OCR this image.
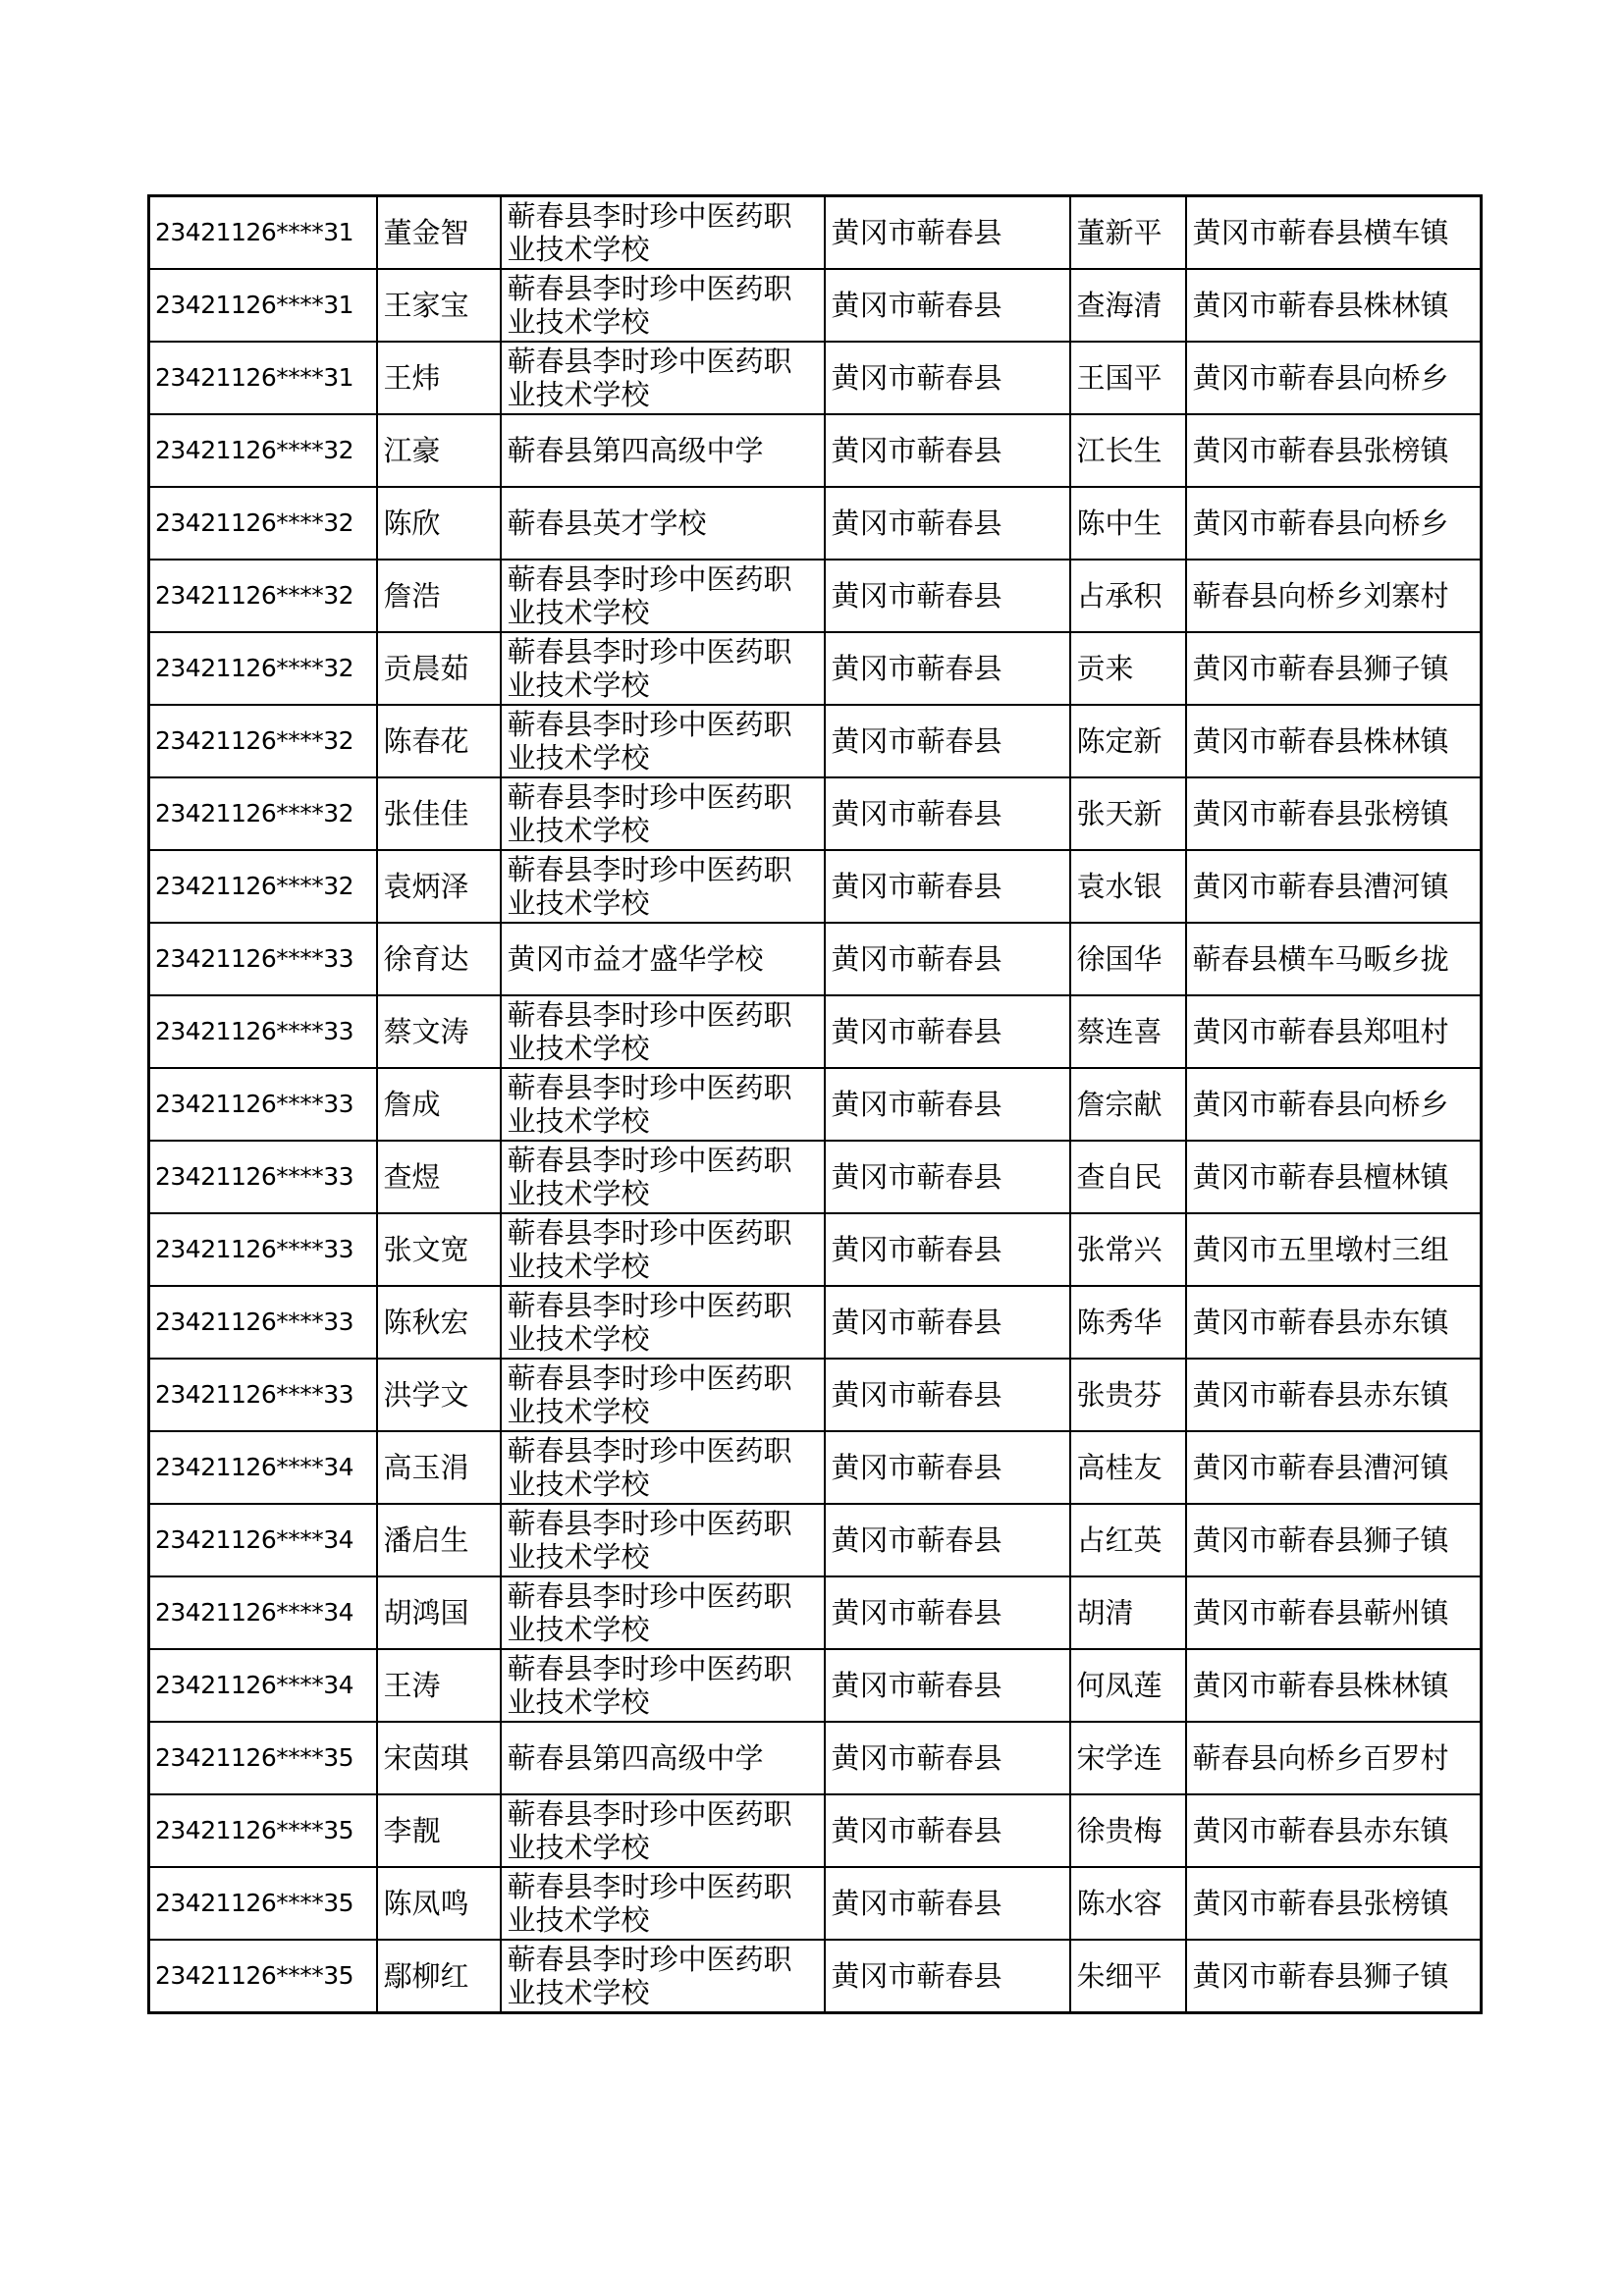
23421126****31	董金智	蕲春县李时珍中医药职业技术学校	黄冈市蕲春县	董新平	黄冈市蕲春县横车镇
23421126****31	王家宝	蕲春县李时珍中医药职业技术学校	黄冈市蕲春县	查海清	黄冈市蕲春县株林镇
23421126****31	王炜	蕲春县李时珍中医药职业技术学校	黄冈市蕲春县	王国平	黄冈市蕲春县向桥乡
23421126****32	江豪	蕲春县第四高级中学	黄冈市蕲春县	江长生	黄冈市蕲春县张榜镇
23421126****32	陈欣	蕲春县英才学校	黄冈市蕲春县	陈中生	黄冈市蕲春县向桥乡
23421126****32	詹浩	蕲春县李时珍中医药职业技术学校	黄冈市蕲春县	占承积	蕲春县向桥乡刘寨村
23421126****32	贡晨茹	蕲春县李时珍中医药职业技术学校	黄冈市蕲春县	贡来	黄冈市蕲春县狮子镇
23421126****32	陈春花	蕲春县李时珍中医药职业技术学校	黄冈市蕲春县	陈定新	黄冈市蕲春县株林镇
23421126****32	张佳佳	蕲春县李时珍中医药职业技术学校	黄冈市蕲春县	张天新	黄冈市蕲春县张榜镇
23421126****32	袁炳泽	蕲春县李时珍中医药职业技术学校	黄冈市蕲春县	袁水银	黄冈市蕲春县漕河镇
23421126****33	徐育达	黄冈市益才盛华学校	黄冈市蕲春县	徐国华	蕲春县横车马畈乡拢
23421126****33	蔡文涛	蕲春县李时珍中医药职业技术学校	黄冈市蕲春县	蔡连喜	黄冈市蕲春县郑咀村
23421126****33	詹成	蕲春县李时珍中医药职业技术学校	黄冈市蕲春县	詹宗献	黄冈市蕲春县向桥乡
23421126****33	查煜	蕲春县李时珍中医药职业技术学校	黄冈市蕲春县	查自民	黄冈市蕲春县檀林镇
23421126****33	张文宽	蕲春县李时珍中医药职业技术学校	黄冈市蕲春县	张常兴	黄冈市五里墩村三组
23421126****33	陈秋宏	蕲春县李时珍中医药职业技术学校	黄冈市蕲春县	陈秀华	黄冈市蕲春县赤东镇
23421126****33	洪学文	蕲春县李时珍中医药职业技术学校	黄冈市蕲春县	张贵芬	黄冈市蕲春县赤东镇
23421126****34	高玉涓	蕲春县李时珍中医药职业技术学校	黄冈市蕲春县	高桂友	黄冈市蕲春县漕河镇
23421126****34	潘启生	蕲春县李时珍中医药职业技术学校	黄冈市蕲春县	占红英	黄冈市蕲春县狮子镇
23421126****34	胡鸿国	蕲春县李时珍中医药职业技术学校	黄冈市蕲春县	胡清	黄冈市蕲春县蕲州镇
23421126****34	王涛	蕲春县李时珍中医药职业技术学校	黄冈市蕲春县	何凤莲	黄冈市蕲春县株林镇
23421126****35	宋茵琪	蕲春县第四高级中学	黄冈市蕲春县	宋学连	蕲春县向桥乡百罗村
23421126****35	李靓	蕲春县李时珍中医药职业技术学校	黄冈市蕲春县	徐贵梅	黄冈市蕲春县赤东镇
23421126****35	陈凤鸣	蕲春县李时珍中医药职业技术学校	黄冈市蕲春县	陈水容	黄冈市蕲春县张榜镇
23421126****35	鄢柳红	蕲春县李时珍中医药职业技术学校	黄冈市蕲春县	朱细平	黄冈市蕲春县狮子镇
